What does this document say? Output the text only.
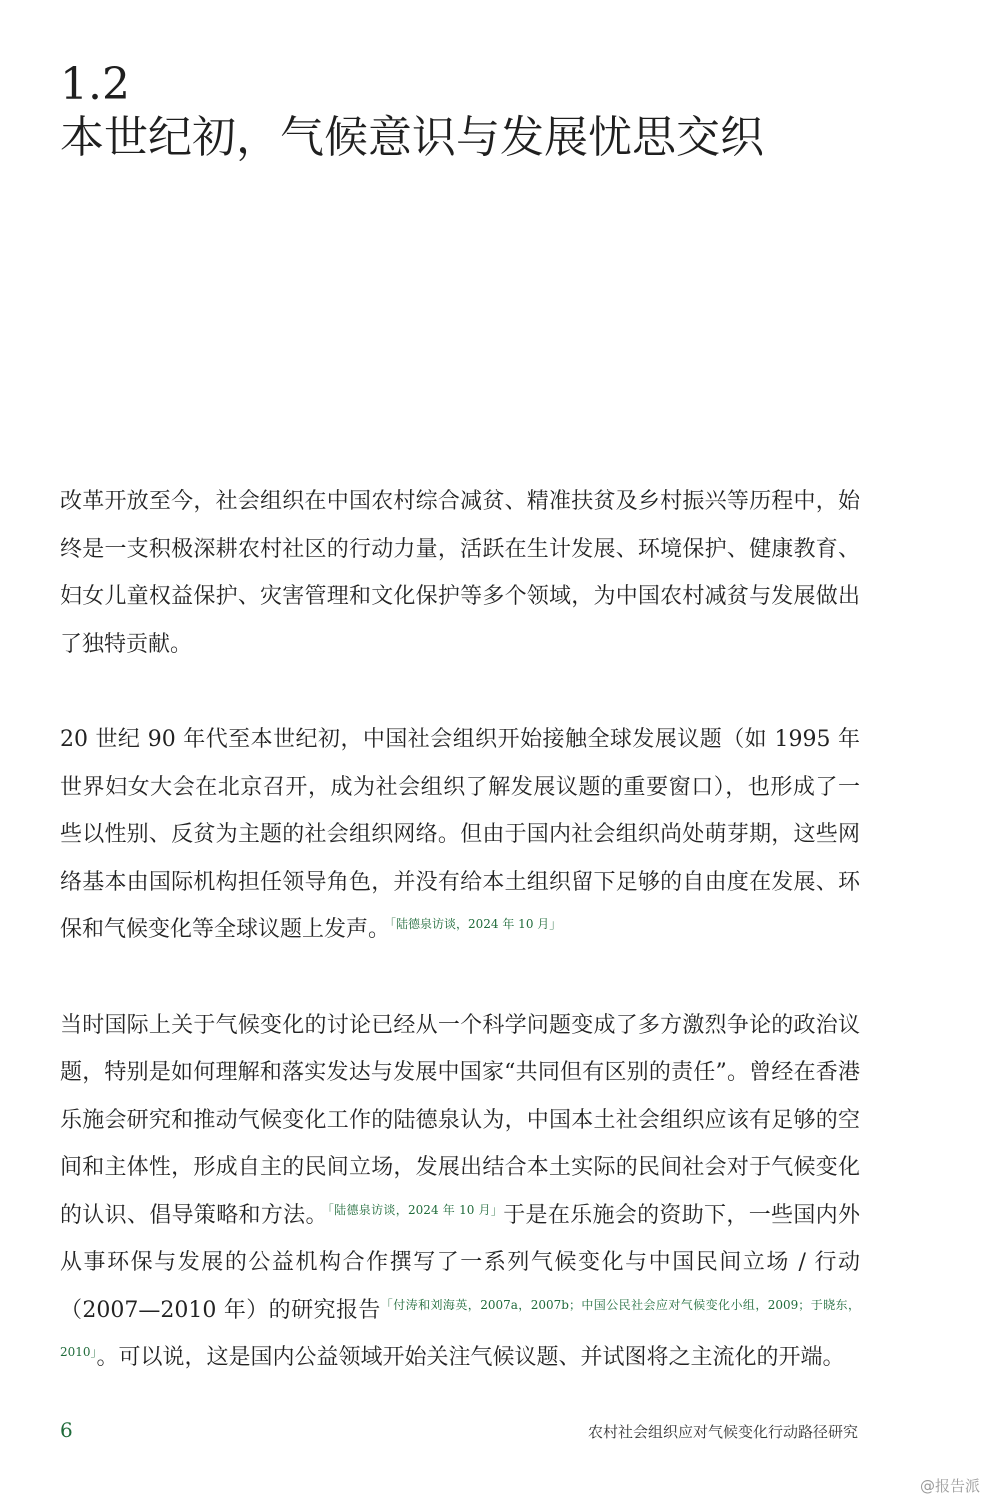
1.2
本世纪初，气候意识与发展忧思交织

改革开放至今，社会组织在中国农村综合减贫、精准扶贫及乡村振兴等历程中，始终是一支积极深耕农村社区的行动力量，活跃在生计发展、环境保护、健康教育、妇女儿童权益保护、灾害管理和文化保护等多个领域，为中国农村减贫与发展做出了独特贡献。

20 世纪 90 年代至本世纪初，中国社会组织开始接触全球发展议题（如 1995 年世界妇女大会在北京召开，成为社会组织了解发展议题的重要窗口），也形成了一些以性别、反贫为主题的社会组织网络。但由于国内社会组织尚处萌芽期，这些网络基本由国际机构担任领导角色，并没有给本土组织留下足够的自由度在发展、环保和气候变化等全球议题上发声。$^{「陆德泉访谈,2024 年 10 月」}$

当时国际上关于气候变化的讨论已经从一个科学问题变成了多方激烈争论的政治议题，特别是如何理解和落实发达与发展中国家“共同但有区别的责任”。曾经在香港乐施会研究和推动气候变化工作的陆德泉认为，中国本土社会组织应该有足够的空间和主体性，形成自主的民间立场，发展出结合本土实际的民间社会对于气候变化的认识、倡导策略和方法。$^{「陆德泉访谈,2024 年 10 月」}$于是在乐施会的资助下，一些国内外从事环保与发展的公益机构合作撰写了一系列气候变化与中国民间立场 / 行动（2007—2010 年）的研究报告$^{「付涛和刘海英,2007a,2007b;中国公民社会应对气候变化小组,2009;于晓东,2010」}$。可以说，这是国内公益领域开始关注气候议题、并试图将之主流化的开端。

6	农村社会组织应对气候变化行动路径研究
@报告派
